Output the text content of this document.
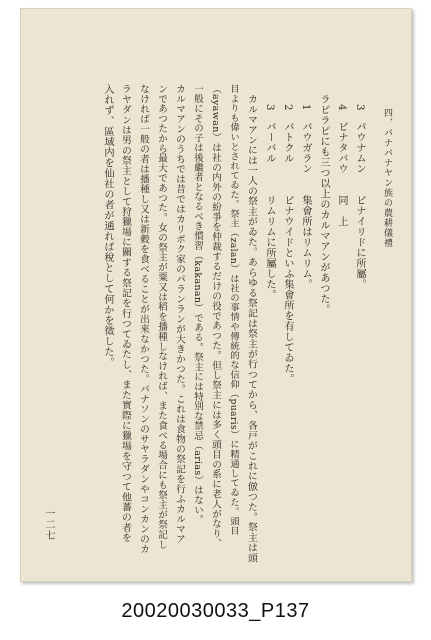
四、パナパナヤン族の農耕儀禮
3　パウナムン　　ビナイリドに所屬。
4　ビナタバウ　　同　上
ラピラピにも三つ以上のカルマアンがあつた。
1　バウガラン　　集會所はリムリム。
2　バトクル　　　ビナウイドといふ集會所を有してゐた。
3　バーバル　　　リムリムに所屬した。
カルマアンには一人の祭主がゐた。あらゆる祭記は祭主が行つてから、各戸がこれに倣つた。祭主は頭
目よりも偉いとされてゐた。祭主（zalan）は社の事情や傳統的な信仰（puaris）に精通してゐた。頭目
（ayawan）は社の内外の紛爭を仲裁するだけの役であつた。但し祭主には多く頭目の系に老人がなり、
一般にその子は後繼者となるべき慣習（kakanan）である。祭主には特別な禁忌（arias）はない。
カルマアンのうちでは昔ではカリボク家のパランランが大きかつた。これは食物の祭記を行ふカルマア
ンであつたから最大であつた。女の祭主が粟又は稻を播種しなければ、また食べる場合にも祭主が祭記し
なければ一般の者は播種し又は新穀を食べることが出來なかつた。パナソンのサヤラダンやコンカンのカ
ラヤダンは男の祭主として狩獵場に關する祭記を行つてゐたし、また實際に獵場を守つて他蕃の者を
入れず、區域内を仙社の者が通れば稅として何かを徵した。
一二七
20020030033_P137
